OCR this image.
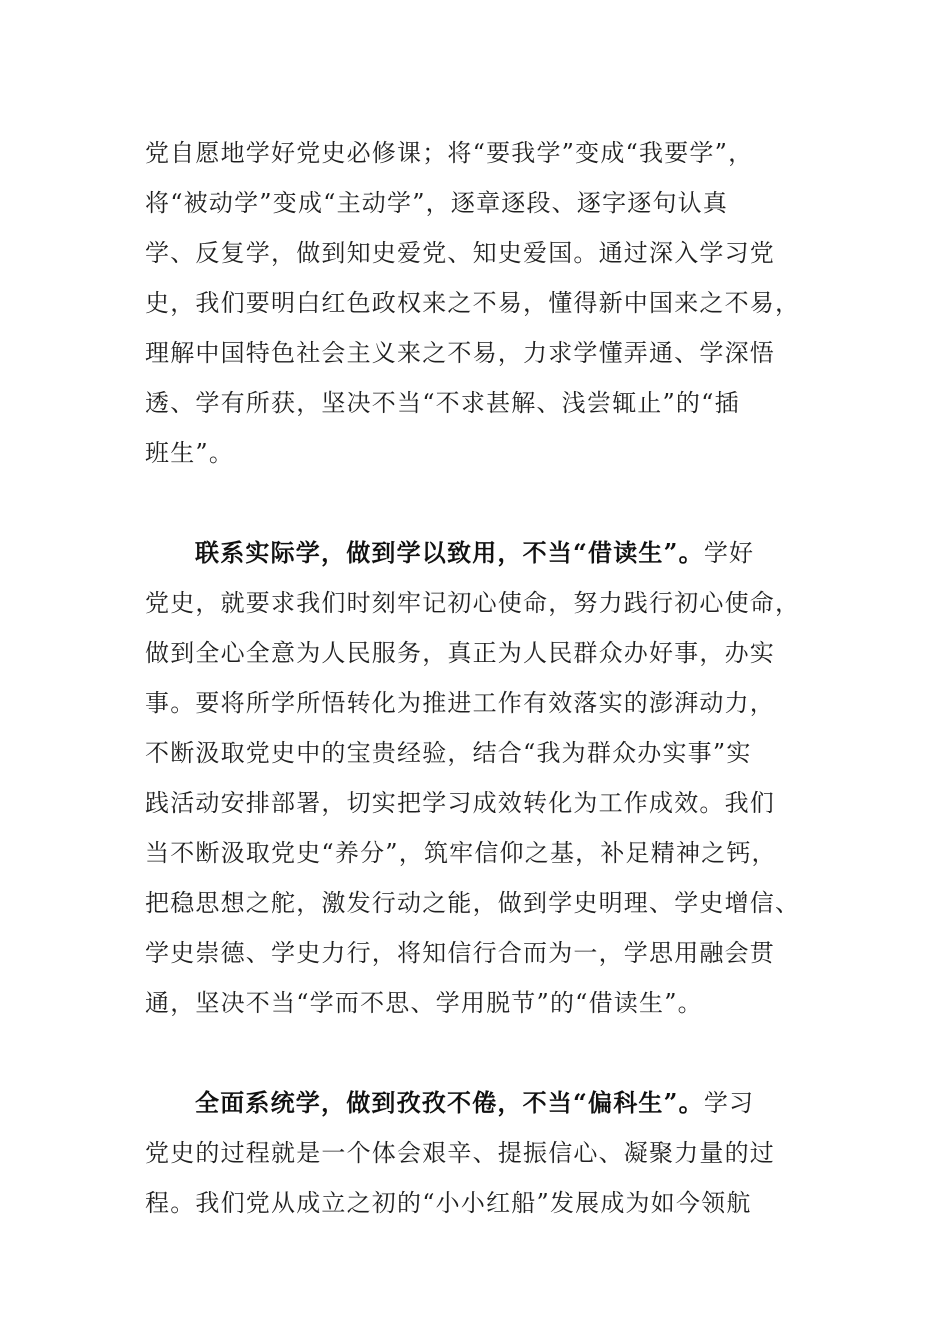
党自愿地学好党史必修课；将“要我学”变成“我要学”，
将“被动学”变成“主动学”，逐章逐段、逐字逐句认真
学、反复学，做到知史爱党、知史爱国。通过深入学习党
史，我们要明白红色政权来之不易，懂得新中国来之不易，
理解中国特色社会主义来之不易，力求学懂弄通、学深悟
透、学有所获，坚决不当“不求甚解、浅尝辄止”的“插
班生”。
联系实际学，做到学以致用，不当“借读生”。学好
党史，就要求我们时刻牢记初心使命，努力践行初心使命，
做到全心全意为人民服务，真正为人民群众办好事，办实
事。要将所学所悟转化为推进工作有效落实的澎湃动力，
不断汲取党史中的宝贵经验，结合“我为群众办实事”实
践活动安排部署，切实把学习成效转化为工作成效。我们
当不断汲取党史“养分”，筑牢信仰之基，补足精神之钙，
把稳思想之舵，激发行动之能，做到学史明理、学史增信、
学史崇德、学史力行，将知信行合而为一，学思用融会贯
通，坚决不当“学而不思、学用脱节”的“借读生”。
全面系统学，做到孜孜不倦，不当“偏科生”。学习
党史的过程就是一个体会艰辛、提振信心、凝聚力量的过
程。我们党从成立之初的“小小红船”发展成为如今领航
